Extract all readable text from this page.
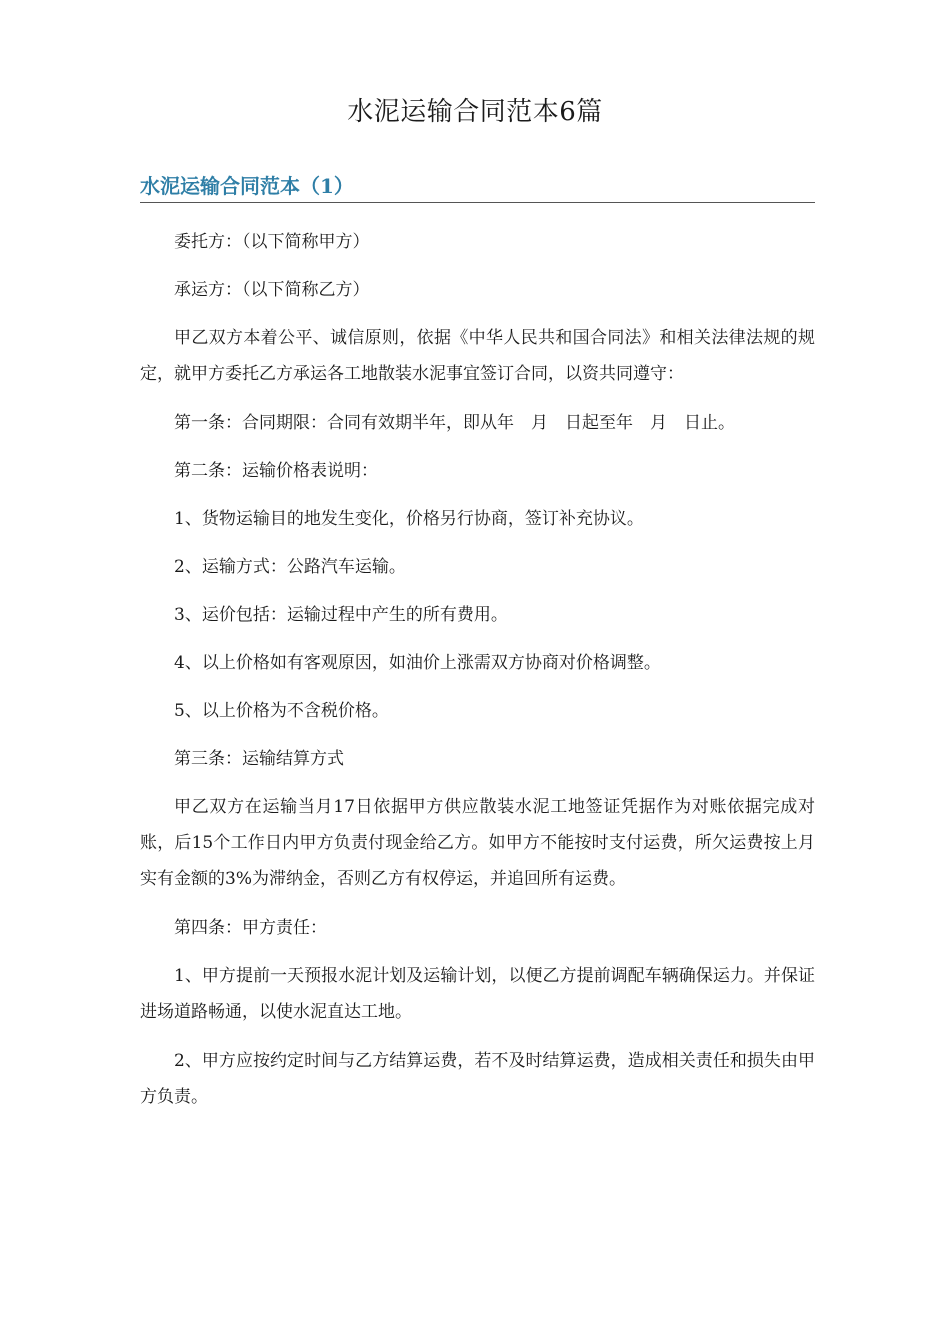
水泥运输合同范本6篇
水泥运输合同范本（1）

委托方：（以下简称甲方）

承运方：（以下简称乙方）

甲乙双方本着公平、诚信原则，依据《中华人民共和国合同法》和相关法律法规的规定，就甲方委托乙方承运各工地散装水泥事宜签订合同，以资共同遵守：

第一条：合同期限：合同有效期半年，即从年　月　日起至年　月　日止。

第二条：运输价格表说明：

1、货物运输目的地发生变化，价格另行协商，签订补充协议。

2、运输方式：公路汽车运输。

3、运价包括：运输过程中产生的所有费用。

4、以上价格如有客观原因，如油价上涨需双方协商对价格调整。

5、以上价格为不含税价格。

第三条：运输结算方式

甲乙双方在运输当月17日依据甲方供应散装水泥工地签证凭据作为对账依据完成对账，后15个工作日内甲方负责付现金给乙方。如甲方不能按时支付运费，所欠运费按上月实有金额的3%为滞纳金，否则乙方有权停运，并追回所有运费。

第四条：甲方责任：

1、甲方提前一天预报水泥计划及运输计划，以便乙方提前调配车辆确保运力。并保证进场道路畅通，以使水泥直达工地。

2、甲方应按约定时间与乙方结算运费，若不及时结算运费，造成相关责任和损失由甲方负责。
